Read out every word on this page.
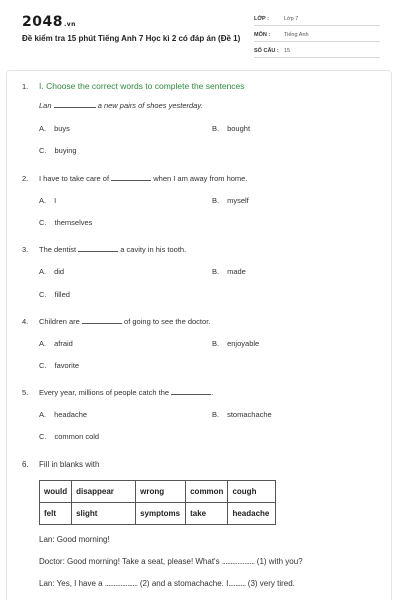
2048.vn
Đề kiểm tra 15 phút Tiếng Anh 7 Học kì 2 có đáp án (Đề 1)
LỚP :	Lớp 7
MÔN :	Tiếng Anh
SỐ CÂU : 15
1. I. Choose the correct words to complete the sentences
Lan	a new pairs of shoes yesterday.
A. buys	B. bought
C. buying
2. I have to take care of	when I am away from home.
A. I	B. myself
C. themselves
3. The dentist	a cavity in his tooth.
A. did	B. made
C. filled
4. Children are	of going to see the doctor.
A. afraid	B. enjoyable
C. favorite
5. Every year, millions of people catch the	.
A. headache	B. stomachache
C. common cold
6. Fill in blanks with
would	disappear	wrong	common	cough
felt	slight	symptoms	take	headache
Lan: Good morning!
Doctor: Good morning! Take a seat, please! What's ................... (1) with you?
Lan: Yes, I have a ................... (2) and a stomachache. I.......... (3) very tired.
